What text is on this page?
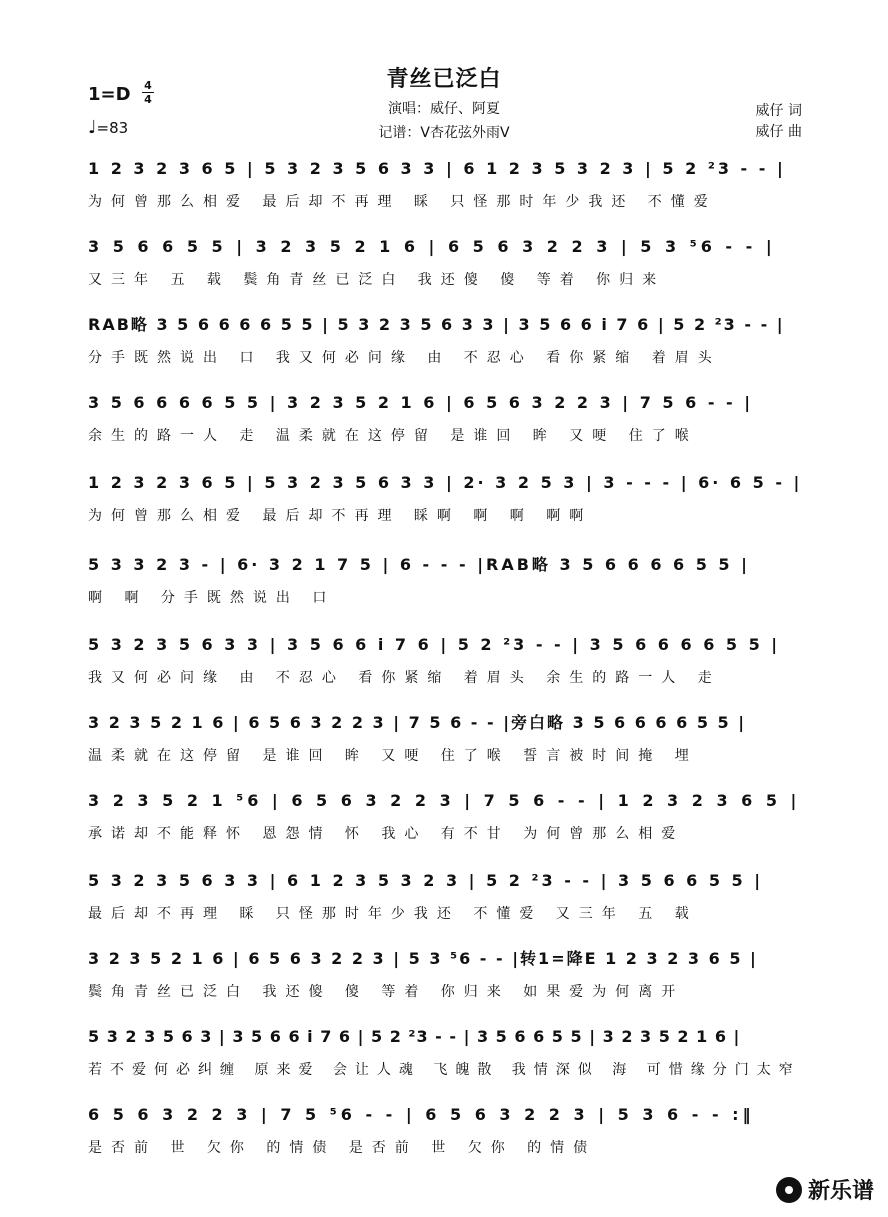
青丝已泛白
演唱：威仔、阿夏
记谱：V杏花弦外雨V
威仔 词
威仔 曲
1=D 4
4
♩=83
1 2 3 2 3 6 5 | 5 3 2 3 5 6 3 3 | 6 1 2 3 5 3 2 3 | 5 2 ²3 - - |
为何曾那么相爱 最后却不再理 睬 只怪那时年少我还 不懂爱
3 5 6 6 5 5 | 3 2 3 5 2 1 6 | 6 5 6 3 2 2 3 | 5 3 ⁵6 - - |
又三年 五 载 鬓角青丝已泛白 我还傻 傻 等着 你归来
RAB略 3 5 6 6 6 6 5 5 | 5 3 2 3 5 6 3 3 | 3 5 6 6 i 7 6 | 5 2 ²3 - - |
分手既然说出 口 我又何必问缘 由 不忍心 看你紧缩 着眉头
3 5 6 6 6 6 5 5 | 3 2 3 5 2 1 6 | 6 5 6 3 2 2 3 | 7 5 6 - - |
余生的路一人 走 温柔就在这停留 是谁回 眸 又哽 住了喉
1 2 3 2 3 6 5 | 5 3 2 3 5 6 3 3 | 2· 3 2 5 3 | 3 - - - | 6· 6 5 - |
为何曾那么相爱 最后却不再理 睬啊 啊 啊 啊啊
5 3 3 2 3 - | 6· 3 2 1 7 5 | 6 - - - |RAB略 3 5 6 6 6 6 5 5 |
啊 啊 分手既然说出 口
5 3 2 3 5 6 3 3 | 3 5 6 6 i 7 6 | 5 2 ²3 - - | 3 5 6 6 6 6 5 5 |
我又何必问缘 由 不忍心 看你紧缩 着眉头 余生的路一人 走
3 2 3 5 2 1 6 | 6 5 6 3 2 2 3 | 7 5 6 - - |旁白略 3 5 6 6 6 6 5 5 |
温柔就在这停留 是谁回 眸 又哽 住了喉 誓言被时间掩 埋
3 2 3 5 2 1 ⁵6 | 6 5 6 3 2 2 3 | 7 5 6 - - | 1 2 3 2 3 6 5 |
承诺却不能释怀 恩怨情 怀 我心 有不甘 为何曾那么相爱
5 3 2 3 5 6 3 3 | 6 1 2 3 5 3 2 3 | 5 2 ²3 - - | 3 5 6 6 5 5 |
最后却不再理 睬 只怪那时年少我还 不懂爱 又三年 五 载
3 2 3 5 2 1 6 | 6 5 6 3 2 2 3 | 5 3 ⁵6 - - |转1=降E 1 2 3 2 3 6 5 |
鬓角青丝已泛白 我还傻 傻 等着 你归来 如果爱为何离开
5 3 2 3 5 6 3 | 3 5 6 6 i 7 6 | 5 2 ²3 - - | 3 5 6 6 5 5 | 3 2 3 5 2 1 6 |
若不爱何必纠缠 原来爱 会让人魂 飞魄散 我情深似 海 可惜缘分门太窄
6 5 6 3 2 2 3 | 7 5 ⁵6 - - | 6 5 6 3 2 2 3 | 5 3 6 - - :‖
是否前 世 欠你 的情债 是否前 世 欠你 的情债
新乐谱
